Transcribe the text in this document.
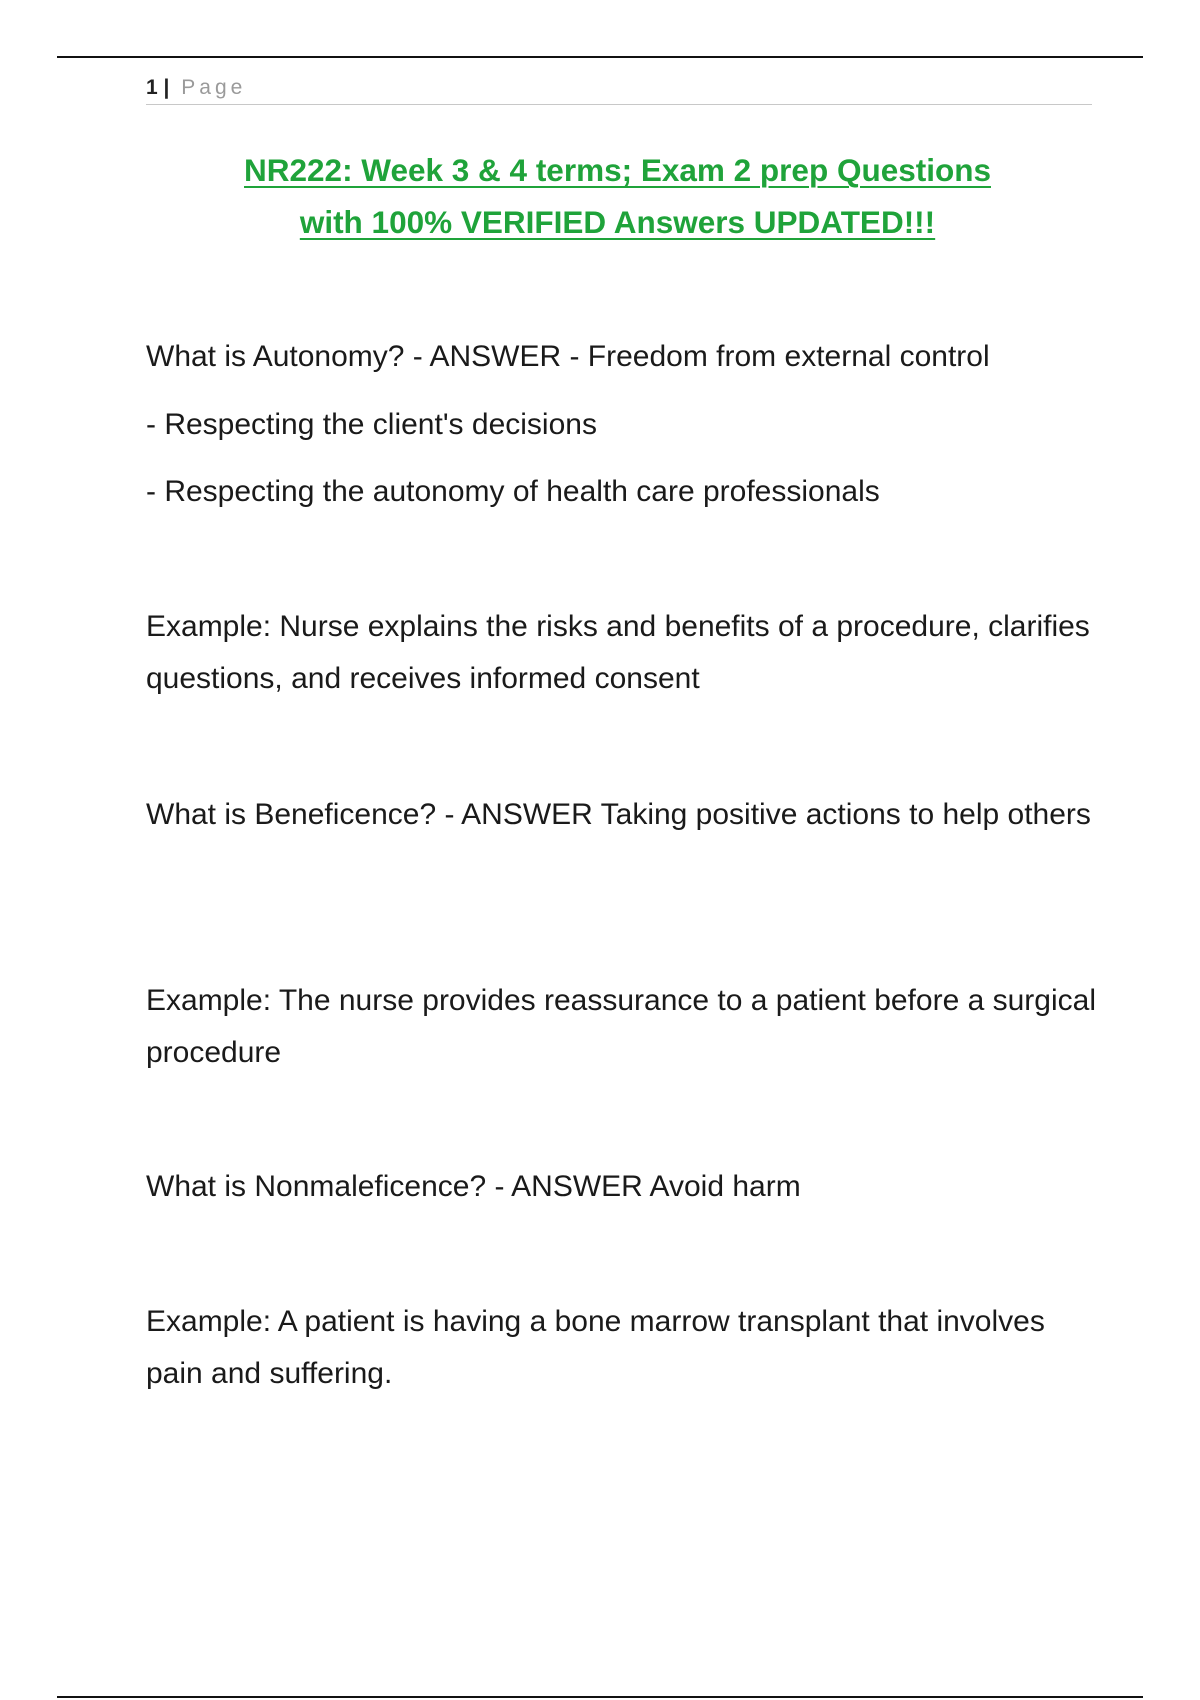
1 | Page
NR222: Week 3 & 4 terms; Exam 2 prep Questions
with 100% VERIFIED Answers UPDATED!!!
What is Autonomy? - ANSWER - Freedom from external control
- Respecting the client's decisions
- Respecting the autonomy of health care professionals
Example: Nurse explains the risks and benefits of a procedure, clarifies questions, and receives informed consent
What is Beneficence? - ANSWER Taking positive actions to help others
Example: The nurse provides reassurance to a patient before a surgical procedure
What is Nonmaleficence? - ANSWER Avoid harm
Example: A patient is having a bone marrow transplant that involves pain and suffering.
